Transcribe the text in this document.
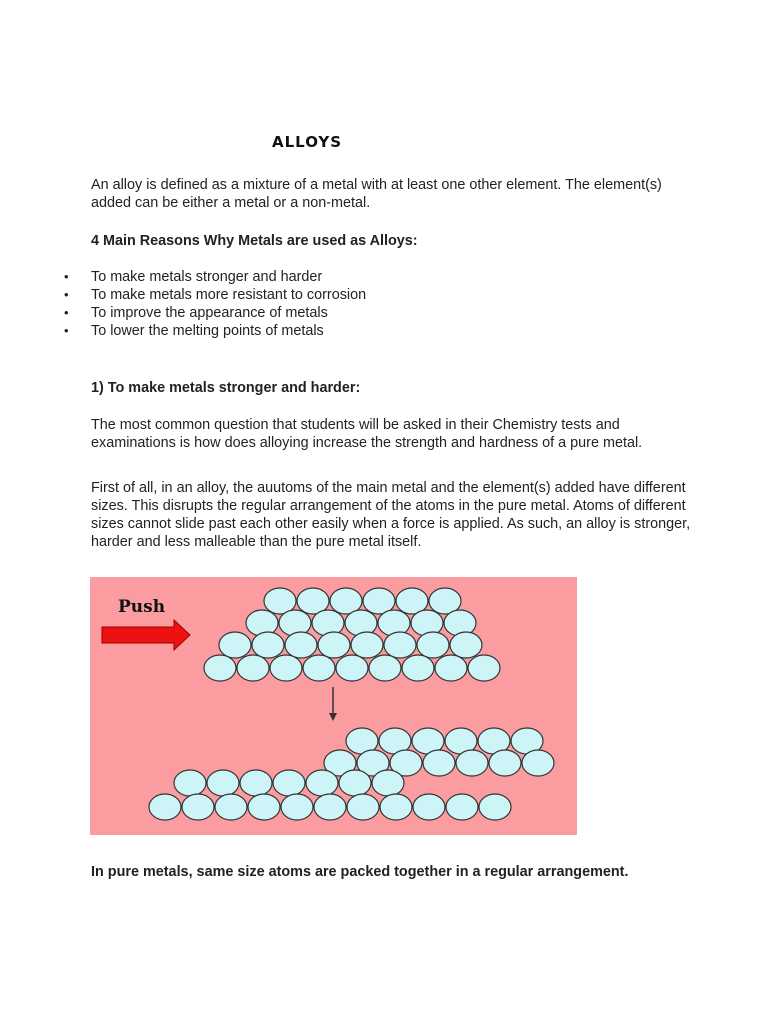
alloys

An alloy is defined as a mixture of a metal with at least one other element. The element(s) added can be either a metal or a non-metal.

4 Main Reasons Why Metals are used as Alloys:

• To make metals stronger and harder
• To make metals more resistant to corrosion
• To improve the appearance of metals
• To lower the melting points of metals

1) To make metals stronger and harder:

The most common question that students will be asked in their Chemistry tests and examinations is how does alloying increase the strength and hardness of a pure metal.

First of all, in an alloy, the auutoms of the main metal and the element(s) added have different sizes. This disrupts the regular arrangement of the atoms in the pure metal. Atoms of different sizes cannot slide past each other easily when a force is applied. As such, an alloy is stronger, harder and less malleable than the pure metal itself.

Push

In pure metals, same size atoms are packed together in a regular arrangement.
